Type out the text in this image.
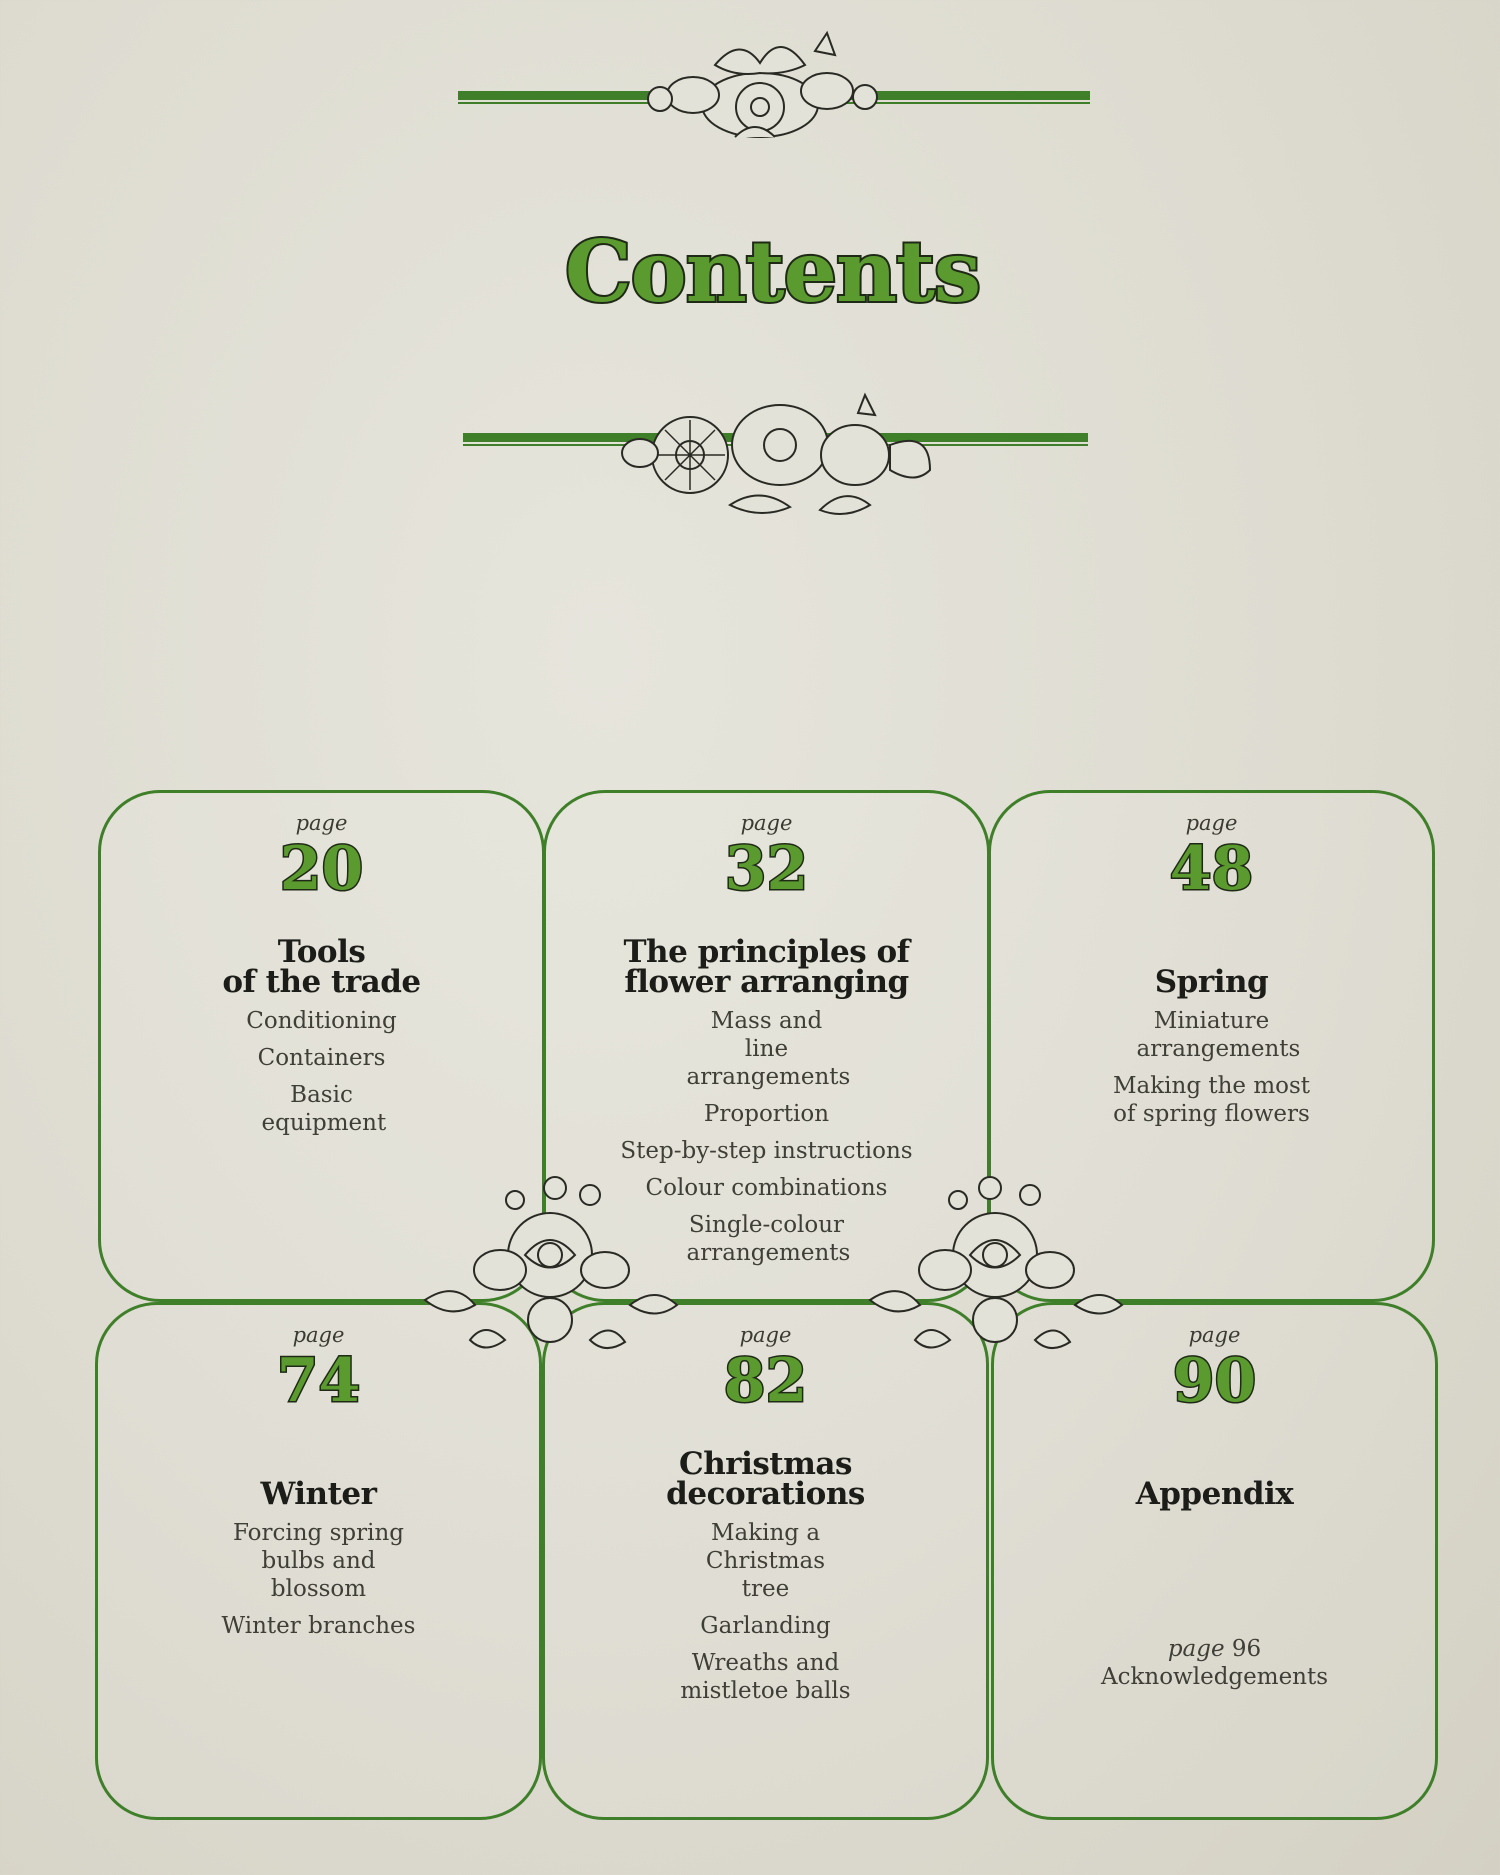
Contents
page
20
Tools
of the trade
Conditioning
Containers
Basic equipment
page
32
The principles of
flower arranging
Mass and line arrangements
Proportion
Step-by-step instructions
Colour combinations
Single-colour arrangements
page
48
Spring
Miniature arrangements
Making the most of spring flowers
page
74
Winter
Forcing spring bulbs and blossom
Winter branches
page
82
Christmas
decorations
Making a Christmas tree
Garlanding
Wreaths and mistletoe balls
page
90
Appendix
page 96
Acknowledgements
